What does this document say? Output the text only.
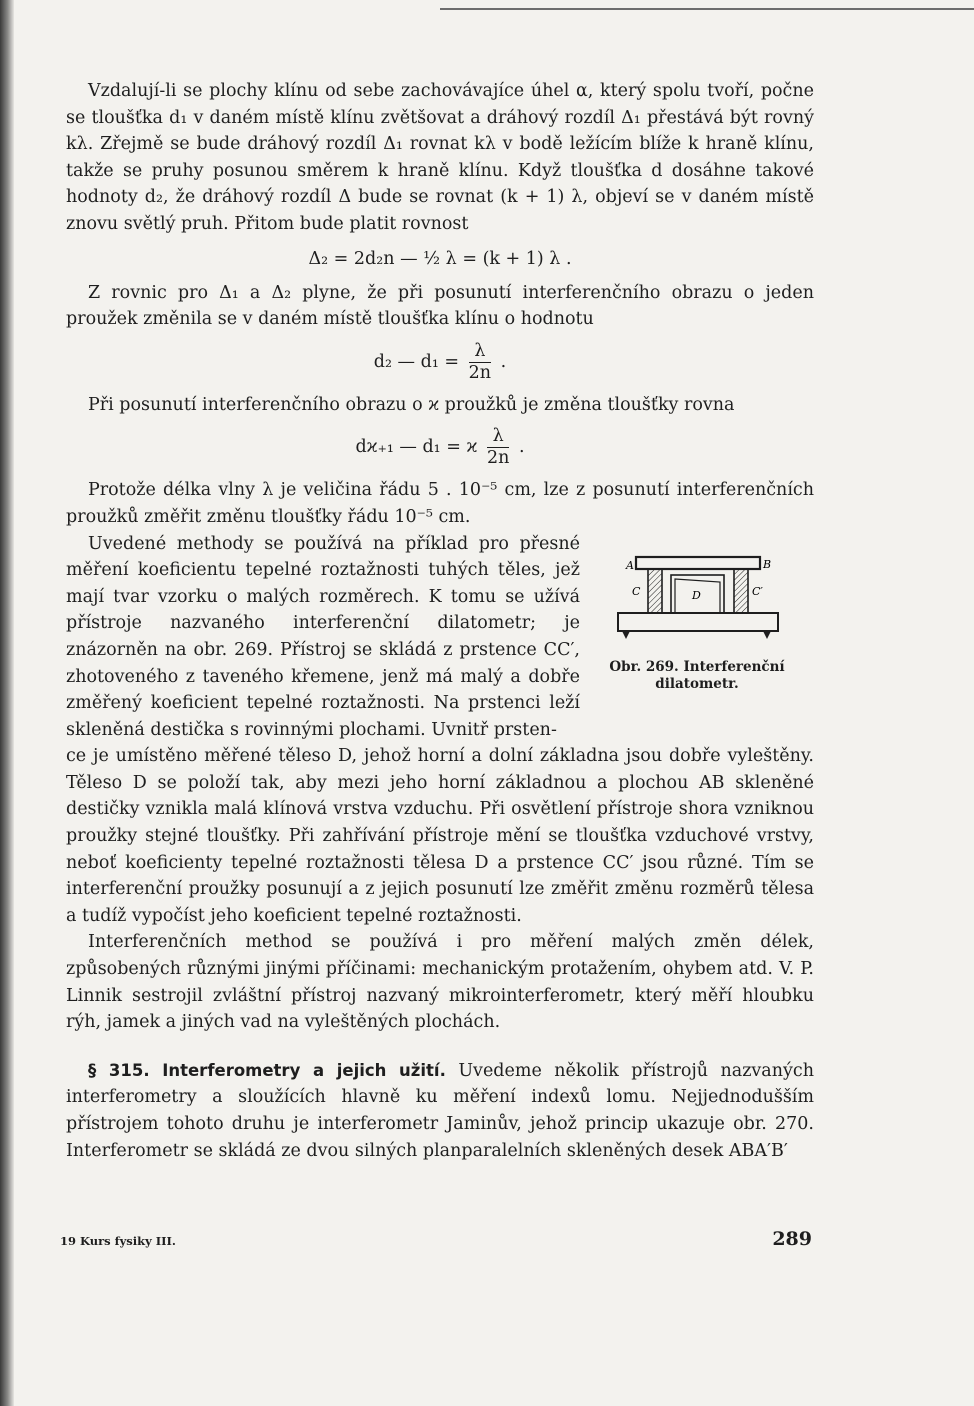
Vzdalují-li se plochy klínu od sebe zachovávajíce úhel α, který spolu tvoří, počne se tloušťka d₁ v daném místě klínu zvětšovat a dráhový rozdíl Δ₁ přestává být rovný kλ. Zřejmě se bude dráhový rozdíl Δ₁ rovnat kλ v bodě ležícím blíže k hraně klínu, takže se pruhy posunou směrem k hraně klínu. Když tloušťka d dosáhne takové hodnoty d₂, že dráhový rozdíl Δ bude se rovnat (k + 1) λ, objeví se v daném místě znovu světlý pruh. Přitom bude platit rovnost

Δ₂ = 2d₂n — ½ λ = (k + 1) λ .

Z rovnic pro Δ₁ a Δ₂ plyne, že při posunutí interferenčního obrazu o jeden proužek změnila se v daném místě tloušťka klínu o hodnotu

d₂ — $d_1 = \frac{\lambda}{2n}$ .

Při posunutí interferenčního obrazu o ϰ proužků je změna tloušťky rovna

dϰ₊₁ — d₁ = ϰ $\frac{\lambda}{2n}$ .

Protože délka vlny λ je veličina řádu 5 . 10⁻⁵ cm, lze z posunutí interferenčních proužků změřit změnu tloušťky řádu 10⁻⁵ cm.

Uvedené methody se používá na příklad pro přesné měření koeficientu tepelné roztažnosti tuhých těles, jež mají tvar vzorku o malých rozměrech. K tomu se užívá přístroje nazvaného interferenční dilatometr; je znázorněn na obr. 269. Přístroj se skládá z prstence CC′, zhotoveného z taveného křemene, jenž má malý a dobře změřený koeficient tepelné roztažnosti. Na prstenci leží skleněná destička s rovinnými plochami. Uvnitř prsten-

A	B
C	C′
D
Obr. 269. Interferenční
dilatometr.

ce je umístěno měřené těleso D, jehož horní a dolní základna jsou dobře vyleštěny. Těleso D se položí tak, aby mezi jeho horní základnou a plochou AB skleněné destičky vznikla malá klínová vrstva vzduchu. Při osvětlení přístroje shora vzniknou proužky stejné tloušťky. Při zahřívání přístroje mění se tloušťka vzduchové vrstvy, neboť koeficienty tepelné roztažnosti tělesa D a prstence CC′ jsou různé. Tím se interferenční proužky posunují a z jejich posunutí lze změřit změnu rozměrů tělesa a tudíž vypočíst jeho koeficient tepelné roztažnosti.

Interferenčních method se používá i pro měření malých změn délek, způsobených různými jinými příčinami: mechanickým protažením, ohybem atd. V. P. Linnik sestrojil zvláštní přístroj nazvaný mikrointerferometr, který měří hloubku rýh, jamek a jiných vad na vyleštěných plochách.

§ 315. Interferometry a jejich užití. Uvedeme několik přístrojů nazvaných interferometry a sloužících hlavně ku měření indexů lomu. Nejjednodušším přístrojem tohoto druhu je interferometr Jaminův, jehož princip ukazuje obr. 270. Interferometr se skládá ze dvou silných planparalelních skleněných desek ABA′B′

19 Kurs fysiky III.	289
